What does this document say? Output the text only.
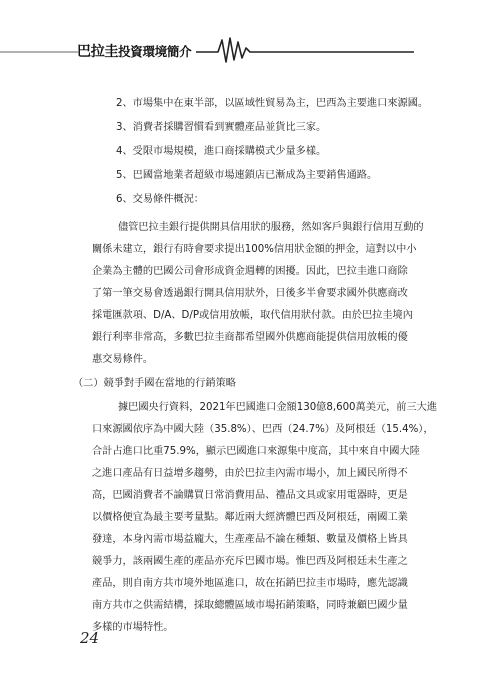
巴拉圭投資環境簡介
2、市場集中在東半部，以區域性貿易為主，巴西為主要進口來源國。
3、消費者採購習慣看到實體產品並貨比三家。
4、受限市場規模，進口商採購模式少量多樣。
5、巴國當地業者超級市場連鎖店已漸成為主要銷售通路。
6、交易條件概況：
儘管巴拉圭銀行提供開具信用狀的服務，然如客戶與銀行信用互動的
關係未建立，銀行有時會要求提出100%信用狀金額的押金，這對以中小
企業為主體的巴國公司會形成資金週轉的困擾。因此，巴拉圭進口商除
了第一筆交易會透過銀行開具信用狀外，日後多半會要求國外供應商改
採電匯款項、D/A、D/P或信用放帳，取代信用狀付款。由於巴拉圭境內
銀行利率非常高，多數巴拉圭商都希望國外供應商能提供信用放帳的優
惠交易條件。
（二）競爭對手國在當地的行銷策略
據巴國央行資料，2021年巴國進口金額130億8,600萬美元，前三大進
口來源國依序為中國大陸（35.8%）、巴西（24.7%）及阿根廷（15.4%），
合計占進口比重75.9%，顯示巴國進口來源集中度高，其中來自中國大陸
之進口產品有日益增多趨勢，由於巴拉圭內需市場小，加上國民所得不
高，巴國消費者不論購買日常消費用品、禮品文具或家用電器時，更是
以價格便宜為最主要考量點。鄰近兩大經濟體巴西及阿根廷，兩國工業
發達，本身內需市場益龐大，生產產品不論在種類、數量及價格上皆具
競爭力，該兩國生產的產品亦充斥巴國市場。惟巴西及阿根廷未生產之
產品，則自南方共市境外地區進口，故在拓銷巴拉圭市場時，應先認識
南方共市之供需結構，採取總體區域市場拓銷策略，同時兼顧巴國少量
多樣的市場特性。
24
